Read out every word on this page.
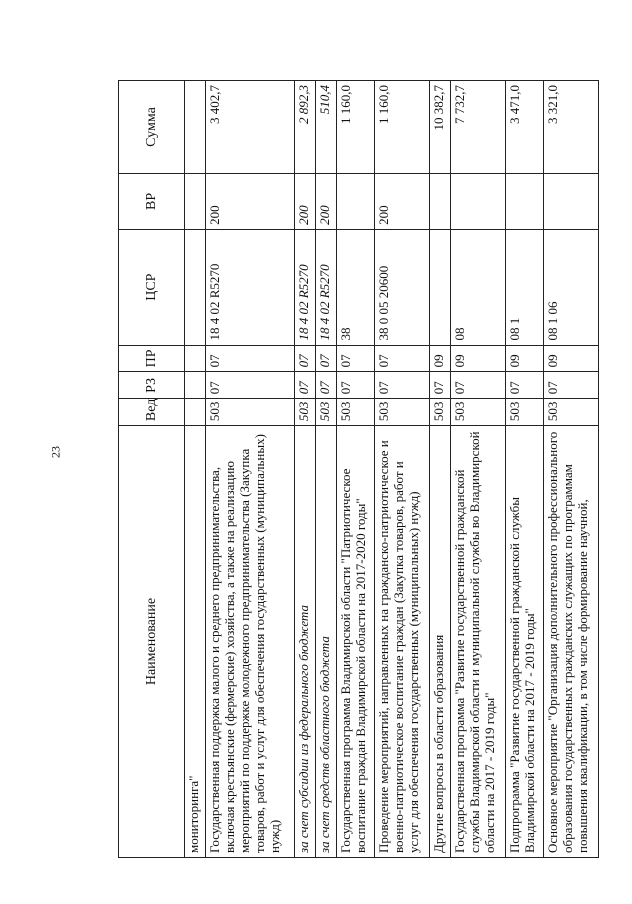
23
Наименование	Вед	РЗ	ПР	ЦСР	ВР	Сумма
мониторинга"						
Государственная поддержка малого и среднего предпринимательства, включая крестьянские (фермерские) хозяйства, а также на реализацию мероприятий по поддержке молодежного предпринимательства (Закупка товаров, работ и услуг для обеспечения государственных (муниципальных) нужд)	503	07	07	18 4 02 R5270	200	3 402,7
за счет субсидии из федерального бюджета	503	07	07	18 4 02 R5270	200	2 892,3
за счет средств областного бюджета	503	07	07	18 4 02 R5270	200	510,4
Государственная программа Владимирской области "Патриотическое воспитание граждан Владимирской области на 2017-2020 годы"	503	07	07	38		1 160,0
Проведение мероприятий, направленных на гражданско-патриотическое и военно-патриотическое воспитание граждан (Закупка товаров, работ и услуг для обеспечения государственных (муниципальных) нужд)	503	07	07	38 0 05 20600	200	1 160,0
Другие вопросы в области образования	503	07	09			10 382,7
Государственная программа "Развитие государственной гражданской службы Владимирской области и муниципальной службы во Владимирской области на 2017 - 2019 годы"	503	07	09	08		7 732,7
Подпрограмма "Развитие государственной гражданской службы Владимирской области на 2017 - 2019 годы"	503	07	09	08 1		3 471,0
Основное мероприятие "Организация дополнительного профессионального образования государственных гражданских служащих по программам повышения квалификации, в том числе формирование научной,	503	07	09	08 1 06		3 321,0
